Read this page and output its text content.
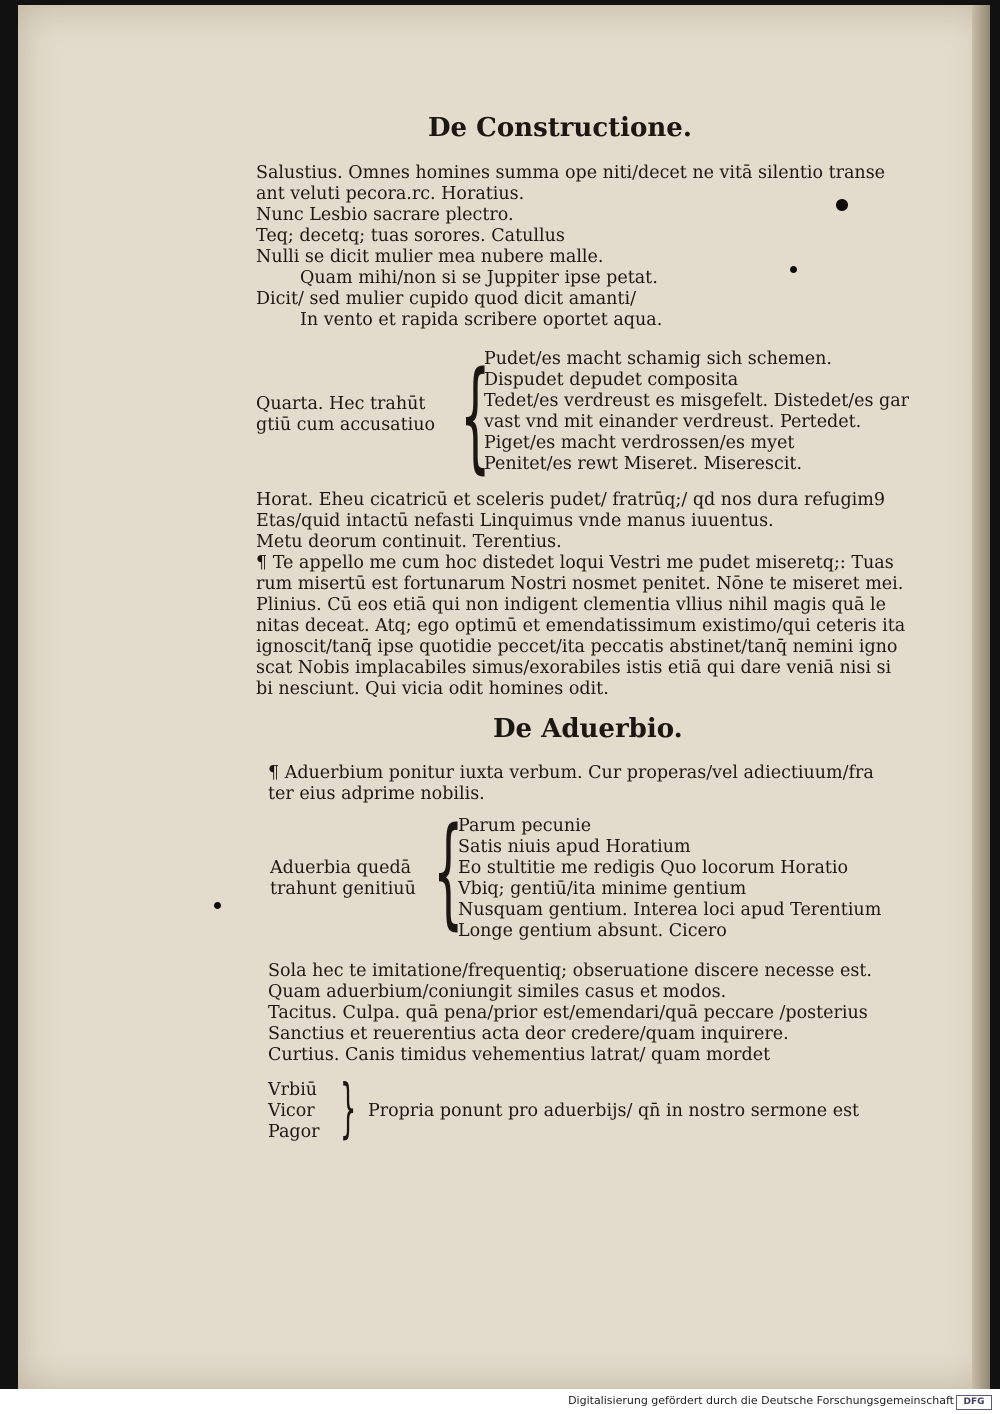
De Constructione.
Salustius. Omnes homines summa ope niti/decet ne vitā silentio transe
ant veluti pecora.rc. Horatius.
Nunc Lesbio sacrare plectro.
Teq; decetq; tuas sorores. Catullus
Nulli se dicit mulier mea nubere malle.
Quam mihi/non si se Juppiter ipse petat.
Dicit/ sed mulier cupido quod dicit amanti/
In vento et rapida scribere oportet aqua.
Quarta. Hec trahūt
gtiū cum accusatiuo {
Pudet/es macht schamig sich schemen.
Dispudet depudet composita
Tedet/es verdreust es misgefelt. Distedet/es gar
vast vnd mit einander verdreust. Pertedet.
Piget/es macht verdrossen/es myet
Penitet/es rewt Miseret. Miserescit.
Horat. Eheu cicatricū et sceleris pudet/ fratrūq;/ qd nos dura refugim9
Etas/quid intactū nefasti Linquimus vnde manus iuuentus.
Metu deorum continuit. Terentius.
¶ Te appello me cum hoc distedet loqui Vestri me pudet miseretq;: Tuas
rum misertū est fortunarum Nostri nosmet penitet. Nōne te miseret mei.
Plinius. Cū eos etiā qui non indigent clementia vllius nihil magis quā le
nitas deceat. Atq; ego optimū et emendatissimum existimo/qui ceteris ita
ignoscit/tanq̄ ipse quotidie peccet/ita peccatis abstinet/tanq̄ nemini igno
scat Nobis implacabiles simus/exorabiles istis etiā qui dare veniā nisi si
bi nesciunt. Qui vicia odit homines odit.
De Aduerbio.
¶ Aduerbium ponitur iuxta verbum. Cur properas/vel adiectiuum/fra
ter eius adprime nobilis.
Aduerbia quedā
trahunt genitiuū {
Parum pecunie
Satis niuis apud Horatium
Eo stultitie me redigis Quo locorum Horatio
Vbiq; gentiū/ita minime gentium
Nusquam gentium. Interea loci apud Terentium
Longe gentium absunt. Cicero
Sola hec te imitatione/frequentiq; obseruatione discere necesse est.
Quam aduerbium/coniungit similes casus et modos.
Tacitus. Culpa. quā pena/prior est/emendari/quā peccare /posterius
Sanctius et reuerentius acta deor credere/quam inquirere.
Curtius. Canis timidus vehementius latrat/ quam mordet
Vrbiū
Vicor
Pagor } Propria ponunt pro aduerbijs/ qn̄ in nostro sermone est
Digitalisierung gefördert durch die Deutsche Forschungsgemeinschaft	DFG
